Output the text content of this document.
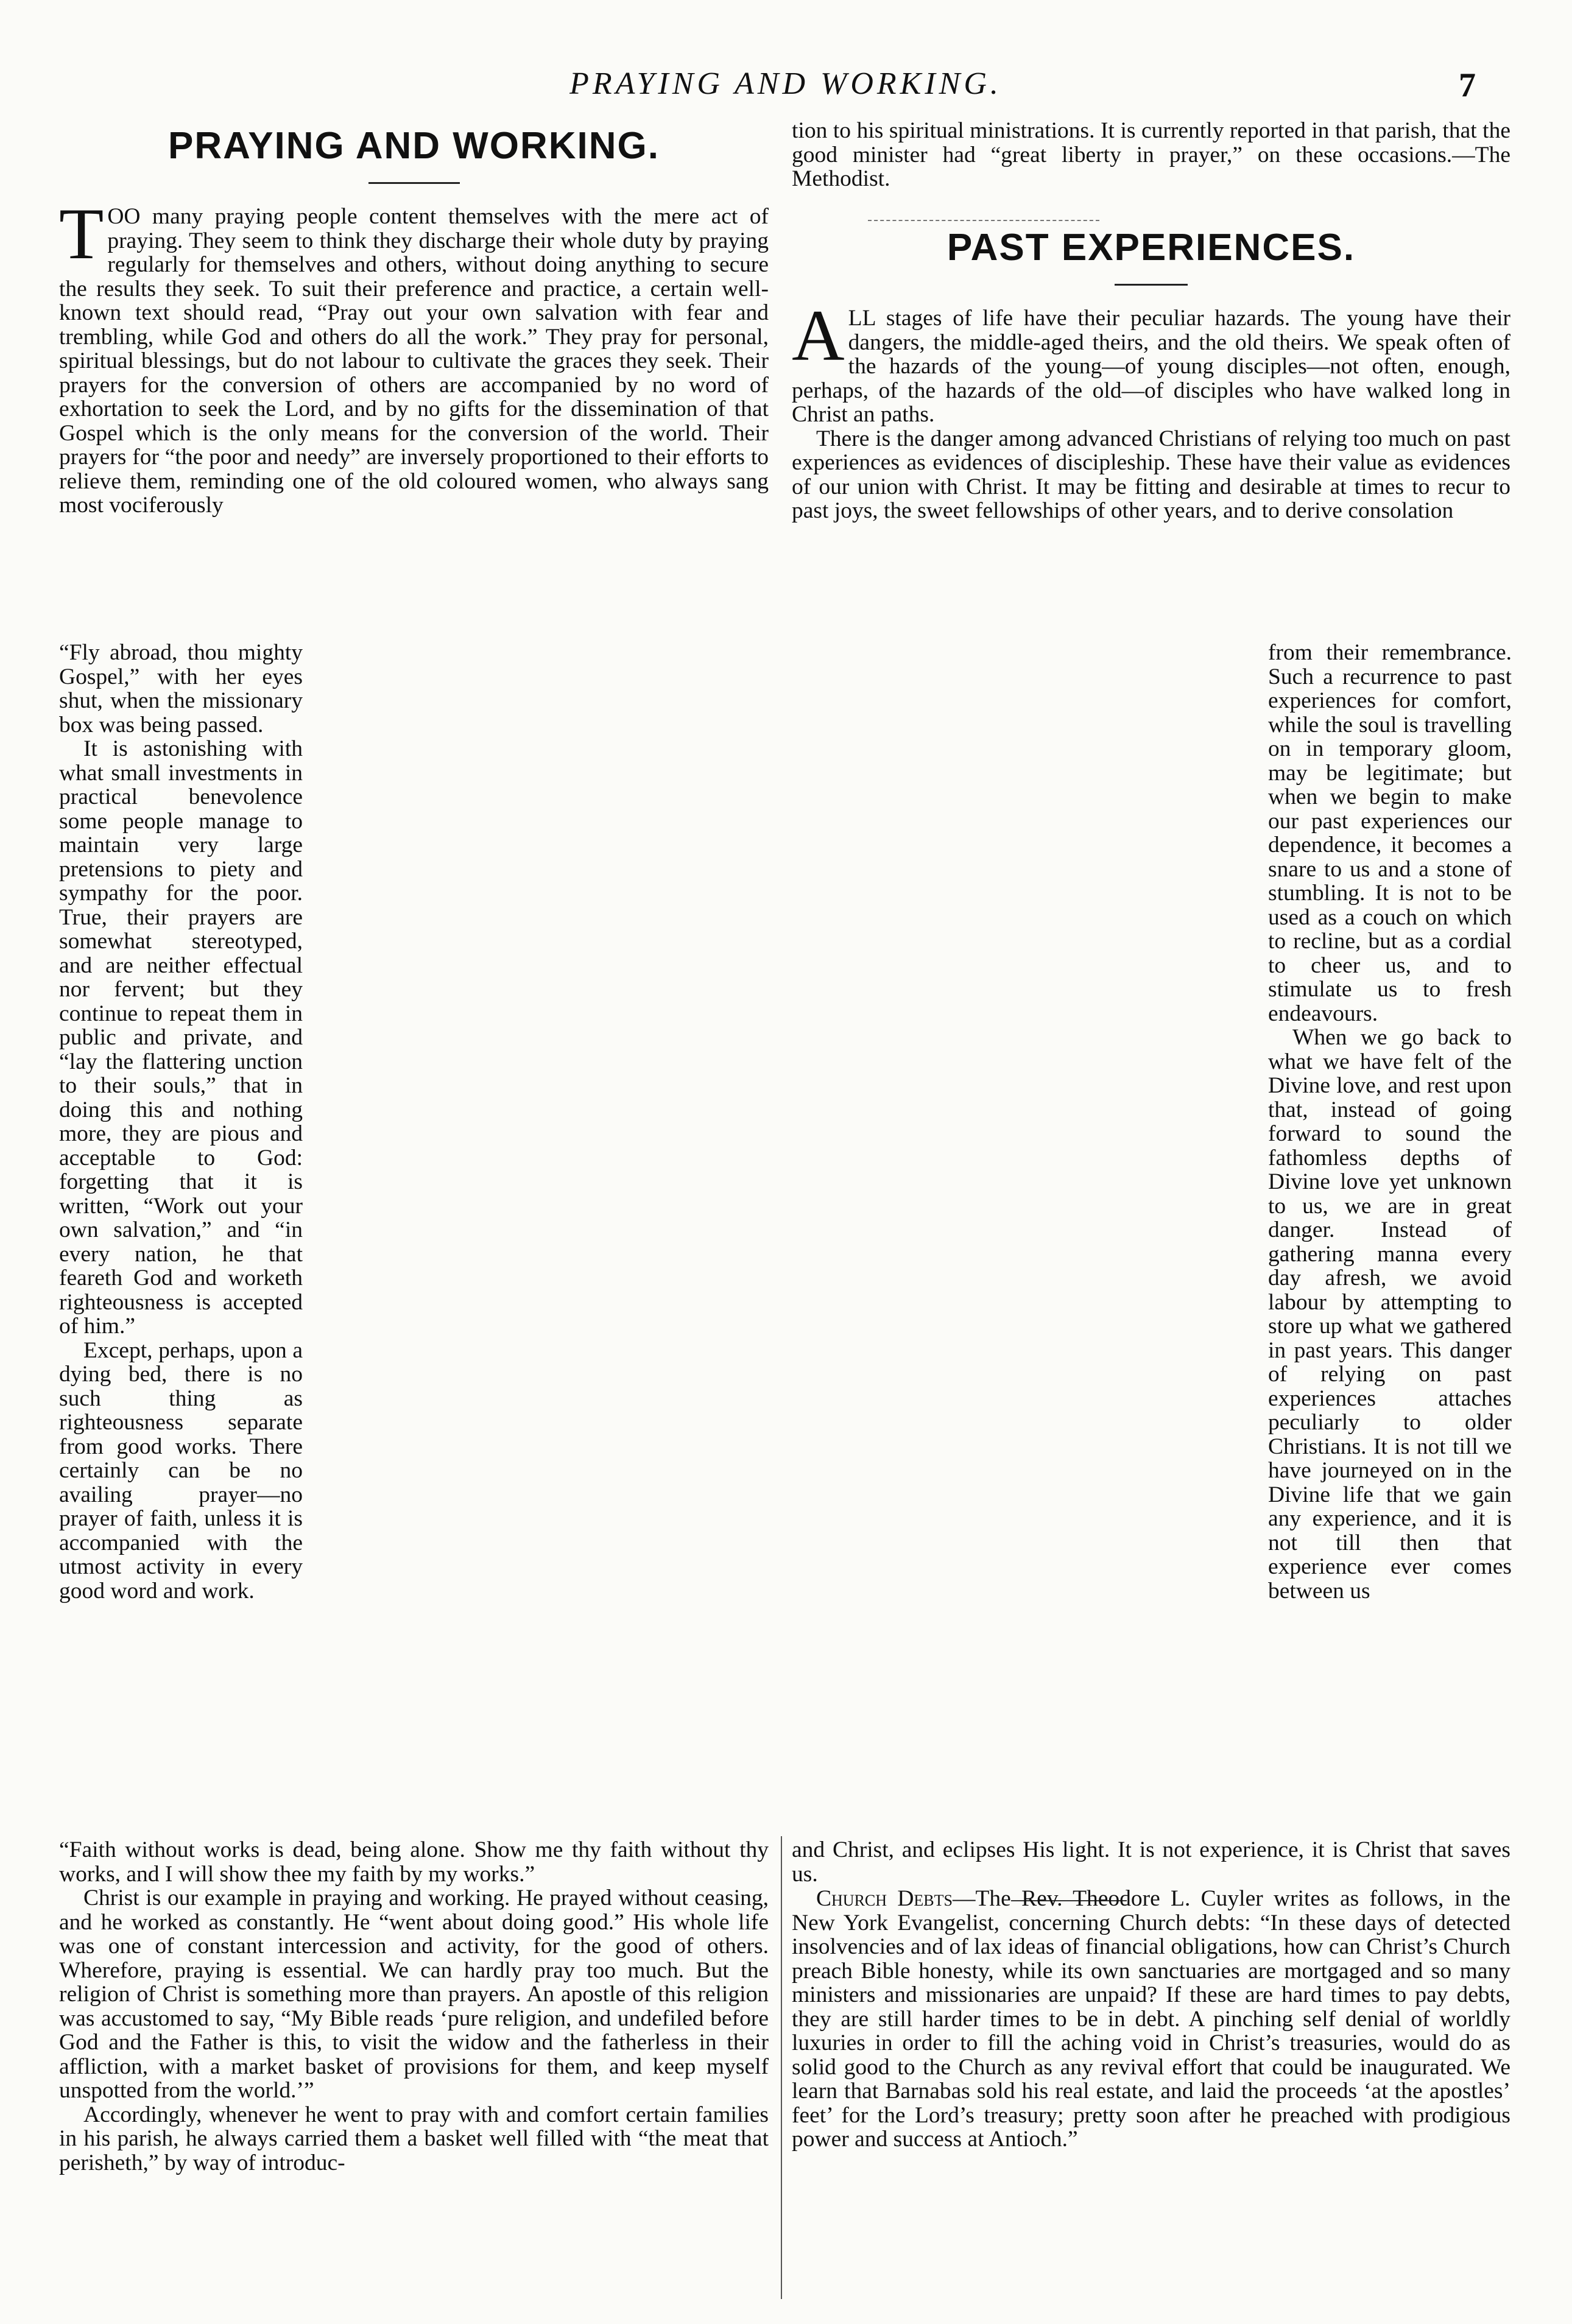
PRAYING AND WORKING.	7
PRAYING AND WORKING.

TOO many praying people content themselves with the mere act of praying. They seem to think they discharge their whole duty by praying regularly for themselves and others, without doing anything to secure the results they seek. To suit their preference and practice, a certain well-known text should read, “Pray out your own salvation with fear and trembling, while God and others do all the work.” They pray for personal, spiritual blessings, but do not labour to cultivate the graces they seek. Their prayers for the conversion of others are accompanied by no word of exhortation to seek the Lord, and by no gifts for the dissemination of that Gospel which is the only means for the conversion of the world. Their prayers for “the poor and needy” are inversely proportioned to their efforts to relieve them, reminding one of the old coloured women, who always sang most vociferously

“Fly abroad, thou mighty Gospel,” with her eyes shut, when the missionary box was being passed.

It is astonishing with what small investments in practical benevolence some people manage to maintain very large pretensions to piety and sympathy for the poor. True, their prayers are somewhat stereotyped, and are neither effectual nor fervent; but they continue to repeat them in public and private, and “lay the flattering unction to their souls,” that in doing this and nothing more, they are pious and acceptable to God: forgetting that it is written, “Work out your own salvation,” and “in every nation, he that feareth God and worketh righteousness is accepted of him.”

Except, perhaps, upon a dying bed, there is no such thing as righteousness separate from good works. There certainly can be no availing prayer—no prayer of faith, unless it is accompanied with the utmost activity in every good word and work.

“Faith without works is dead, being alone. Show me thy faith without thy works, and I will show thee my faith by my works.”

Christ is our example in praying and working. He prayed without ceasing, and he worked as constantly. He “went about doing good.” His whole life was one of constant intercession and activity, for the good of others. Wherefore, praying is essential. We can hardly pray too much. But the religion of Christ is something more than prayers. An apostle of this religion was accustomed to say, “My Bible reads ‘pure religion, and undefiled before God and the Father is this, to visit the widow and the fatherless in their affliction, with a market basket of provisions for them, and keep myself unspotted from the world.’”

Accordingly, whenever he went to pray with and comfort certain families in his parish, he always carried them a basket well filled with “the meat that perisheth,” by way of introduc-

tion to his spiritual ministrations. It is currently reported in that parish, that the good minister had “great liberty in prayer,” on these occasions.—The Methodist.

PAST EXPERIENCES.

ALL stages of life have their peculiar hazards. The young have their dangers, the middle-aged theirs, and the old theirs. We speak often of the hazards of the young—of young disciples—not often, enough, perhaps, of the hazards of the old—of disciples who have walked long in Christ an paths.

There is the danger among advanced Christians of relying too much on past experiences as evidences of discipleship. These have their value as evidences of our union with Christ. It may be fitting and desirable at times to recur to past joys, the sweet fellowships of other years, and to derive consolation

from their remembrance. Such a recurrence to past experiences for comfort, while the soul is travelling on in temporary gloom, may be legitimate; but when we begin to make our past experiences our dependence, it becomes a snare to us and a stone of stumbling. It is not to be used as a couch on which to recline, but as a cordial to cheer us, and to stimulate us to fresh endeavours.

When we go back to what we have felt of the Divine love, and rest upon that, instead of going forward to sound the fathomless depths of Divine love yet unknown to us, we are in great danger. Instead of gathering manna every day afresh, we avoid labour by attempting to store up what we gathered in past years. This danger of relying on past experiences attaches peculiarly to older Christians. It is not till we have journeyed on in the Divine life that we gain any experience, and it is not till then that experience ever comes between us

and Christ, and eclipses His light. It is not experience, it is Christ that saves us.

Church Debts—The Rev. Theodore L. Cuyler writes as follows, in the New York Evangelist, concerning Church debts: “In these days of detected insolvencies and of lax ideas of financial obligations, how can Christ’s Church preach Bible honesty, while its own sanctuaries are mortgaged and so many ministers and missionaries are unpaid? If these are hard times to pay debts, they are still harder times to be in debt. A pinching self denial of worldly luxuries in order to fill the aching void in Christ’s treasuries, would do as solid good to the Church as any revival effort that could be inaugurated. We learn that Barnabas sold his real estate, and laid the proceeds ‘at the apostles’ feet’ for the Lord’s treasury; pretty soon after he preached with prodigious power and success at Antioch.”
